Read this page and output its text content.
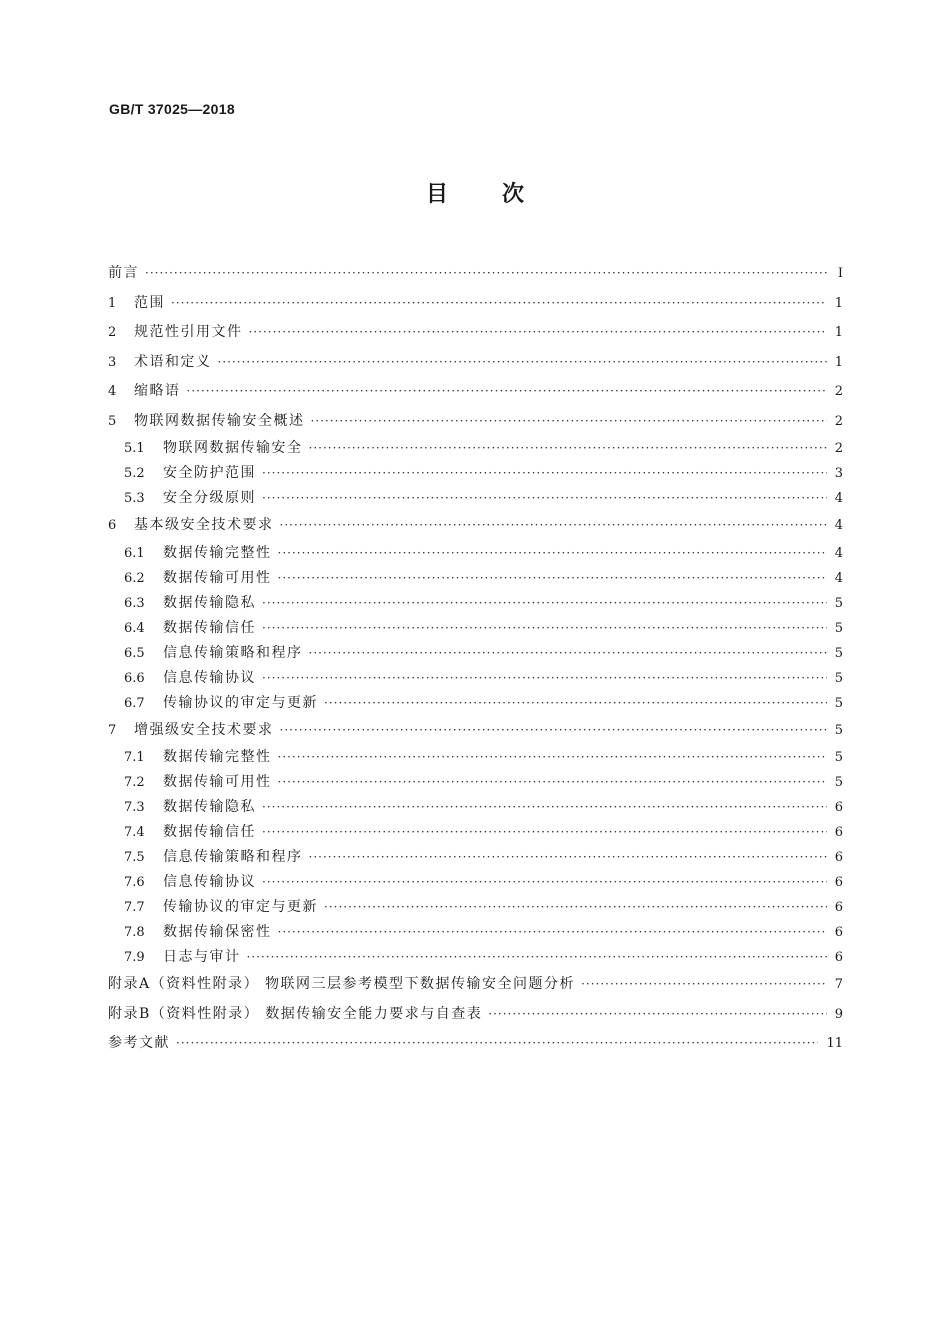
GB/T 37025—2018
目 次
前言 ·····	Ⅰ
1	范围 ·····	1
2	规范性引用文件 ·····	1
3	术语和定义 ·····	1
4	缩略语 ·····	2
5	物联网数据传输安全概述 ·····	2
5.1	物联网数据传输安全 ·····	2
5.2	安全防护范围 ·····	3
5.3	安全分级原则 ·····	4
6	基本级安全技术要求 ·····	4
6.1	数据传输完整性 ·····	4
6.2	数据传输可用性 ·····	4
6.3	数据传输隐私 ·····	5
6.4	数据传输信任 ·····	5
6.5	信息传输策略和程序 ·····	5
6.6	信息传输协议 ·····	5
6.7	传输协议的审定与更新 ·····	5
7	增强级安全技术要求 ·····	5
7.1	数据传输完整性 ·····	5
7.2	数据传输可用性 ·····	5
7.3	数据传输隐私 ·····	6
7.4	数据传输信任 ·····	6
7.5	信息传输策略和程序 ·····	6
7.6	信息传输协议 ·····	6
7.7	传输协议的审定与更新 ·····	6
7.8	数据传输保密性 ·····	6
7.9	日志与审计 ·····	6
附录A（资料性附录） 物联网三层参考模型下数据传输安全问题分析 ·····	7
附录B（资料性附录） 数据传输安全能力要求与自查表 ·····	9
参考文献 ·····	11
